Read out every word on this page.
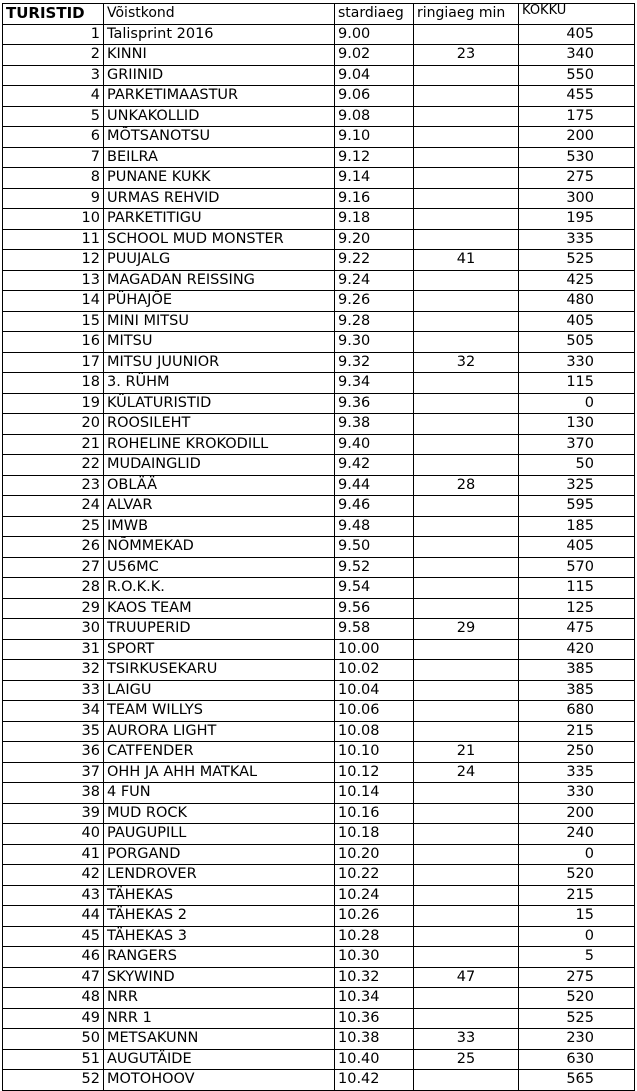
TURISTID	Võistkond	stardiaeg	ringiaeg min	KOKKU
1	Talisprint 2016	9.00		405
2	KINNI	9.02	23	340
3	GRIINID	9.04		550
4	PARKETIMAASTUR	9.06		455
5	UNKAKOLLID	9.08		175
6	MÕTSANOTSU	9.10		200
7	BEILRA	9.12		530
8	PUNANE KUKK	9.14		275
9	URMAS REHVID	9.16		300
10	PARKETITIGU	9.18		195
11	SCHOOL MUD MONSTER	9.20		335
12	PUUJALG	9.22	41	525
13	MAGADAN REISSING	9.24		425
14	PÜHAJÕE	9.26		480
15	MINI MITSU	9.28		405
16	MITSU	9.30		505
17	MITSU JUUNIOR	9.32	32	330
18	3. RÜHM	9.34		115
19	KÜLATURISTID	9.36		0
20	ROOSILEHT	9.38		130
21	ROHELINE KROKODILL	9.40		370
22	MUDAINGLID	9.42		50
23	OBLÄÄ	9.44	28	325
24	ALVAR	9.46		595
25	IMWB	9.48		185
26	NÕMMEKAD	9.50		405
27	U56MC	9.52		570
28	R.O.K.K.	9.54		115
29	KAOS TEAM	9.56		125
30	TRUUPERID	9.58	29	475
31	SPORT	10.00		420
32	TSIRKUSEKARU	10.02		385
33	LAIGU	10.04		385
34	TEAM WILLYS	10.06		680
35	AURORA LIGHT	10.08		215
36	CATFENDER	10.10	21	250
37	OHH JA AHH MATKAL	10.12	24	335
38	4 FUN	10.14		330
39	MUD ROCK	10.16		200
40	PAUGUPILL	10.18		240
41	PORGAND	10.20		0
42	LENDROVER	10.22		520
43	TÄHEKAS	10.24		215
44	TÄHEKAS 2	10.26		15
45	TÄHEKAS 3	10.28		0
46	RANGERS	10.30		5
47	SKYWIND	10.32	47	275
48	NRR	10.34		520
49	NRR 1	10.36		525
50	METSAKUNN	10.38	33	230
51	AUGUTÄIDE	10.40	25	630
52	MOTOHOOV	10.42		565
